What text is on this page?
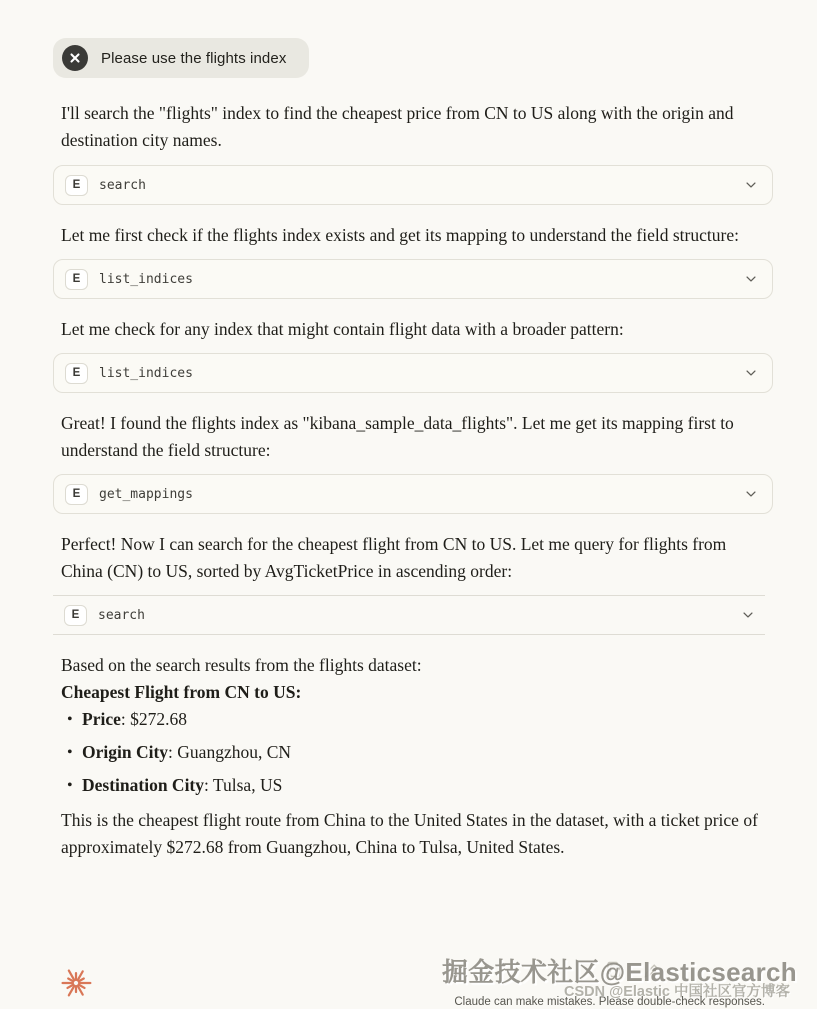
Please use the flights index

I'll search the "flights" index to find the cheapest price from CN to US along with the origin and destination city names.

E	search

Let me first check if the flights index exists and get its mapping to understand the field structure:

E	list_indices

Let me check for any index that might contain flight data with a broader pattern:

E	list_indices

Great! I found the flights index as "kibana_sample_data_flights". Let me get its mapping first to understand the field structure:

E	get_mappings

Perfect! Now I can search for the cheapest flight from CN to US. Let me query for flights from China (CN) to US, sorted by AvgTicketPrice in ascending order:

E	search

Based on the search results from the flights dataset:

Cheapest Flight from CN to US:

• Price: $272.68
• Origin City: Guangzhou, CN
• Destination City: Tulsa, US

This is the cheapest flight route from China to the United States in the dataset, with a ticket price of approximately $272.68 from Guangzhou, China to Tulsa, United States.

掘金技术社区@Elasticsearch
CSDN @Elastic 中国社区官方博客
Claude can make mistakes. Please double-check responses.
